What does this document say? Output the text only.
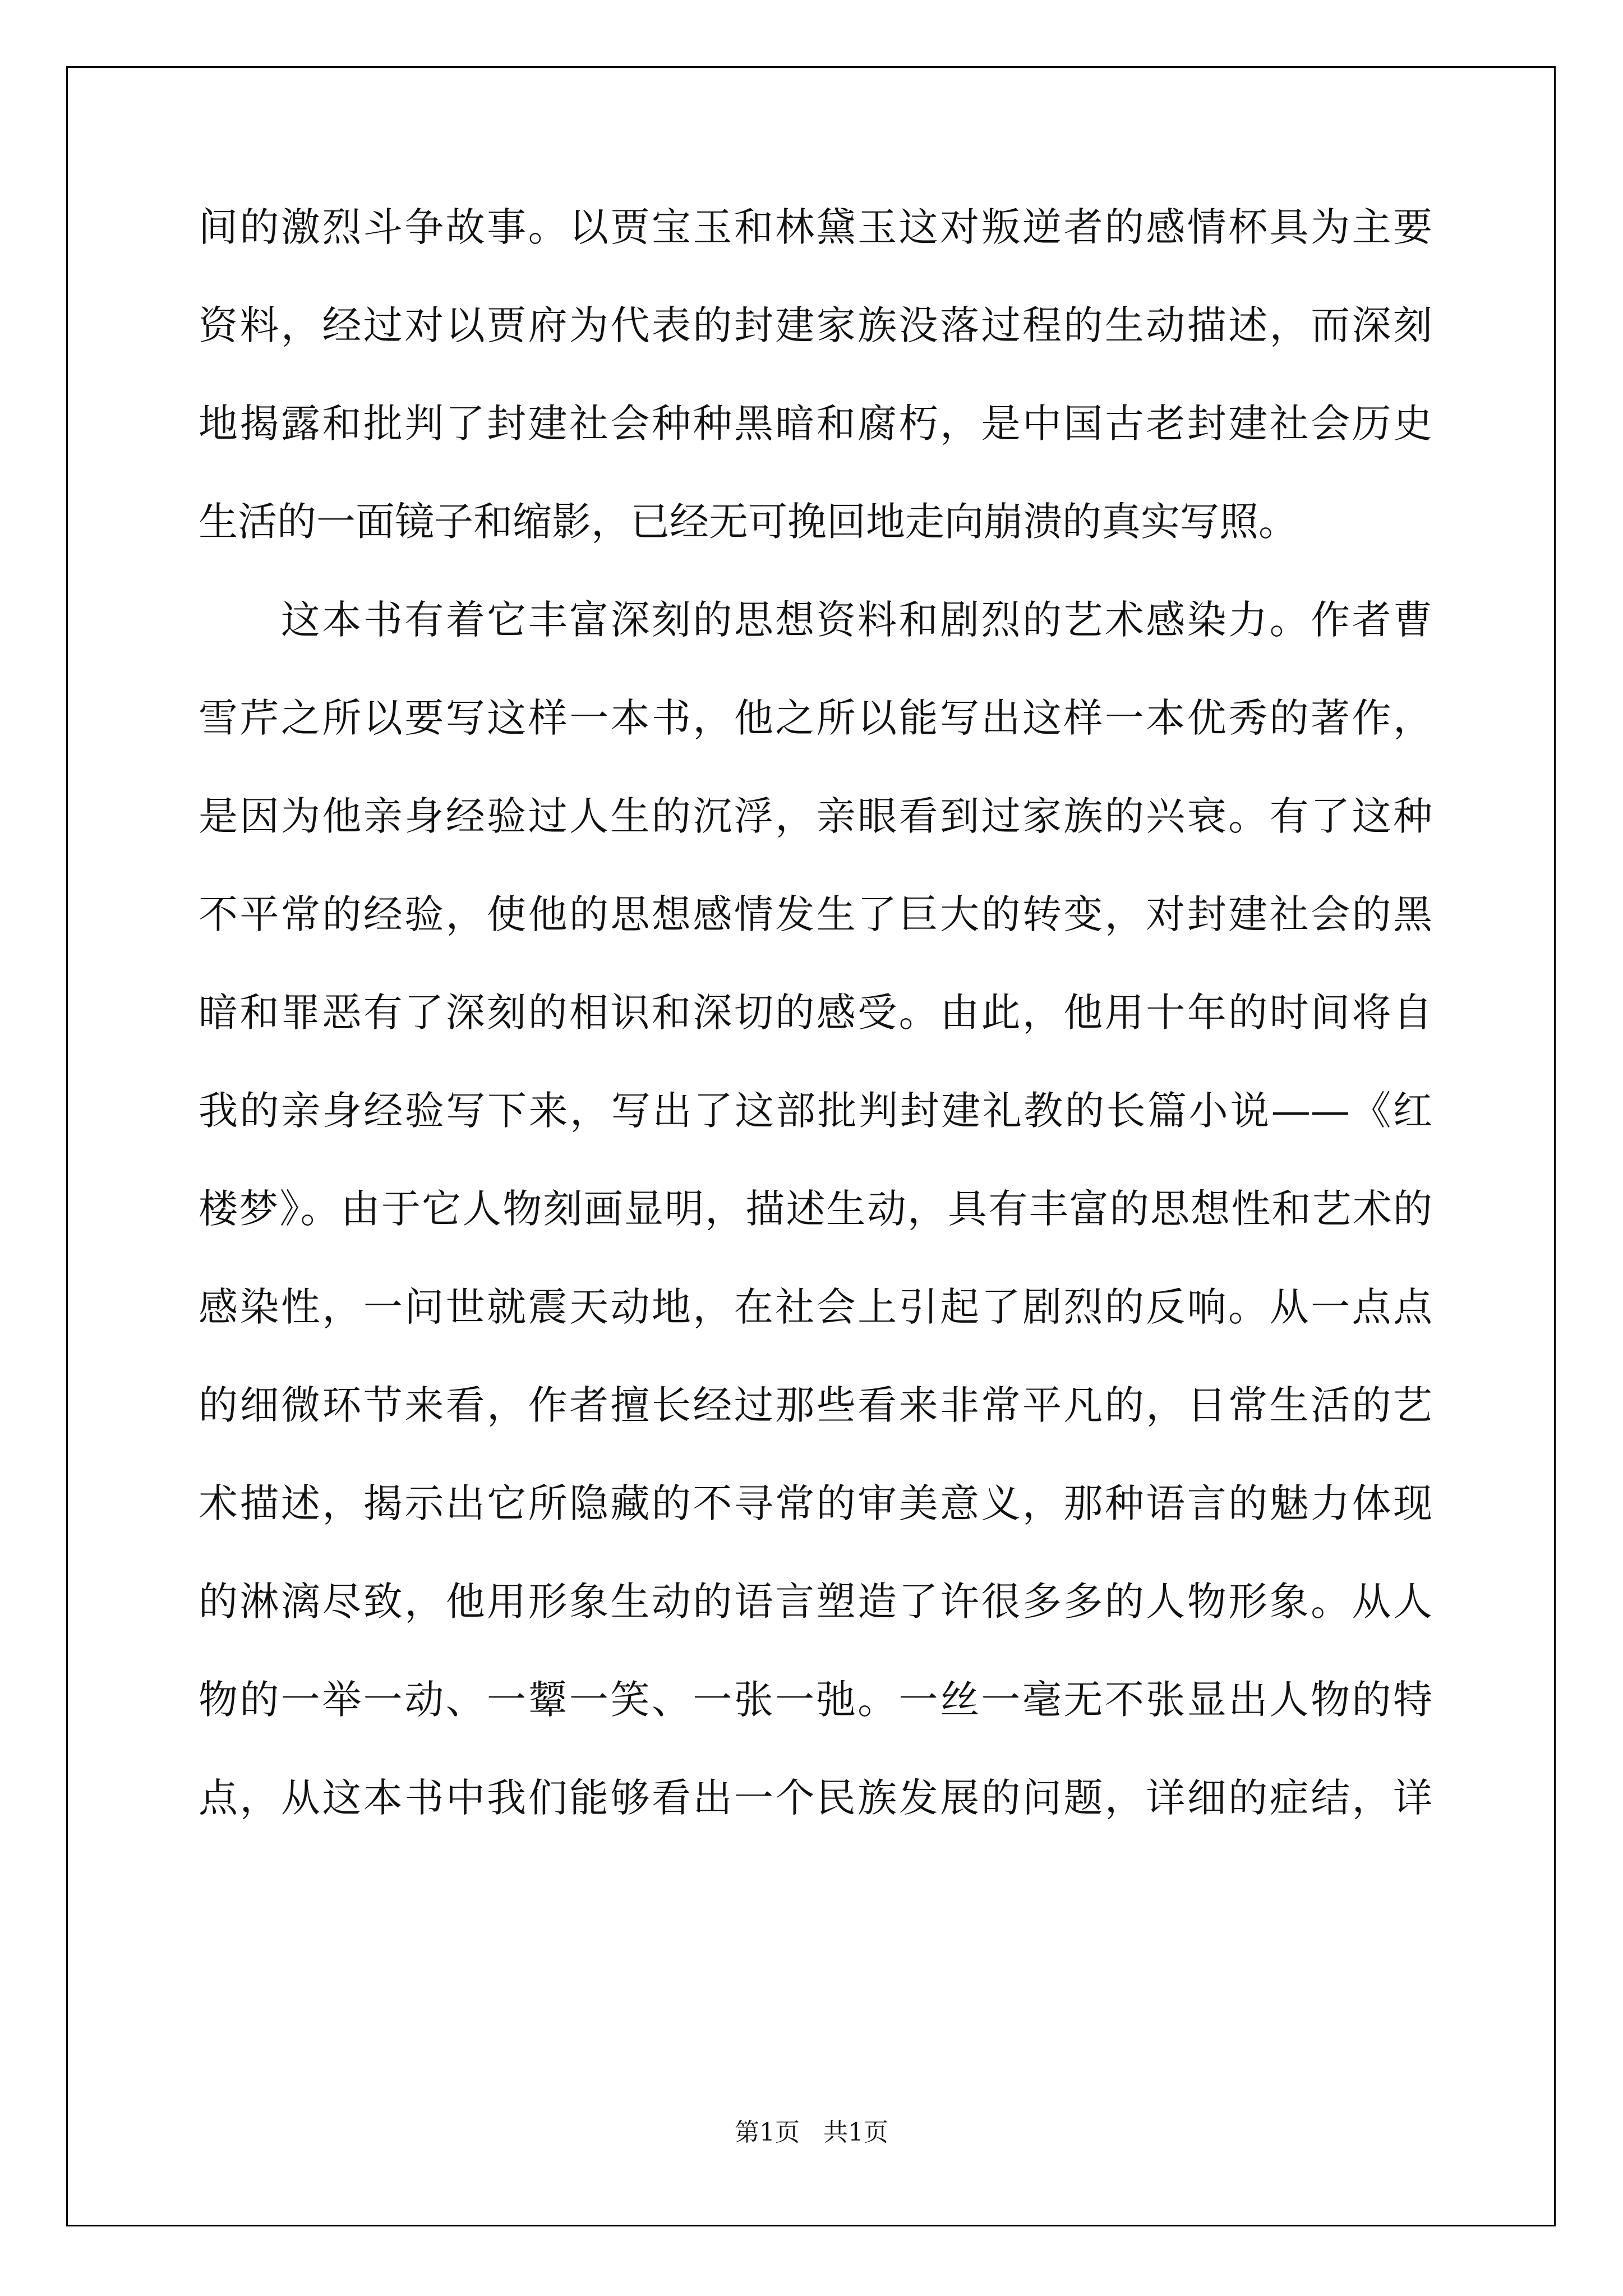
间的激烈斗争故事。以贾宝玉和林黛玉这对叛逆者的感情杯具为主要
资料，经过对以贾府为代表的封建家族没落过程的生动描述，而深刻
地揭露和批判了封建社会种种黑暗和腐朽，是中国古老封建社会历史
生活的一面镜子和缩影，已经无可挽回地走向崩溃的真实写照。
　　这本书有着它丰富深刻的思想资料和剧烈的艺术感染力。作者曹
雪芹之所以要写这样一本书，他之所以能写出这样一本优秀的著作，
是因为他亲身经验过人生的沉浮，亲眼看到过家族的兴衰。有了这种
不平常的经验，使他的思想感情发生了巨大的转变，对封建社会的黑
暗和罪恶有了深刻的相识和深切的感受。由此，他用十年的时间将自
我的亲身经验写下来，写出了这部批判封建礼教的长篇小说——《红
楼梦》。由于它人物刻画显明，描述生动，具有丰富的思想性和艺术的
感染性，一问世就震天动地，在社会上引起了剧烈的反响。从一点点
的细微环节来看，作者擅长经过那些看来非常平凡的，日常生活的艺
术描述，揭示出它所隐藏的不寻常的审美意义，那种语言的魅力体现
的淋漓尽致，他用形象生动的语言塑造了许很多多的人物形象。从人
物的一举一动、一颦一笑、一张一弛。一丝一毫无不张显出人物的特
点，从这本书中我们能够看出一个民族发展的问题，详细的症结，详
第1页   共1页
